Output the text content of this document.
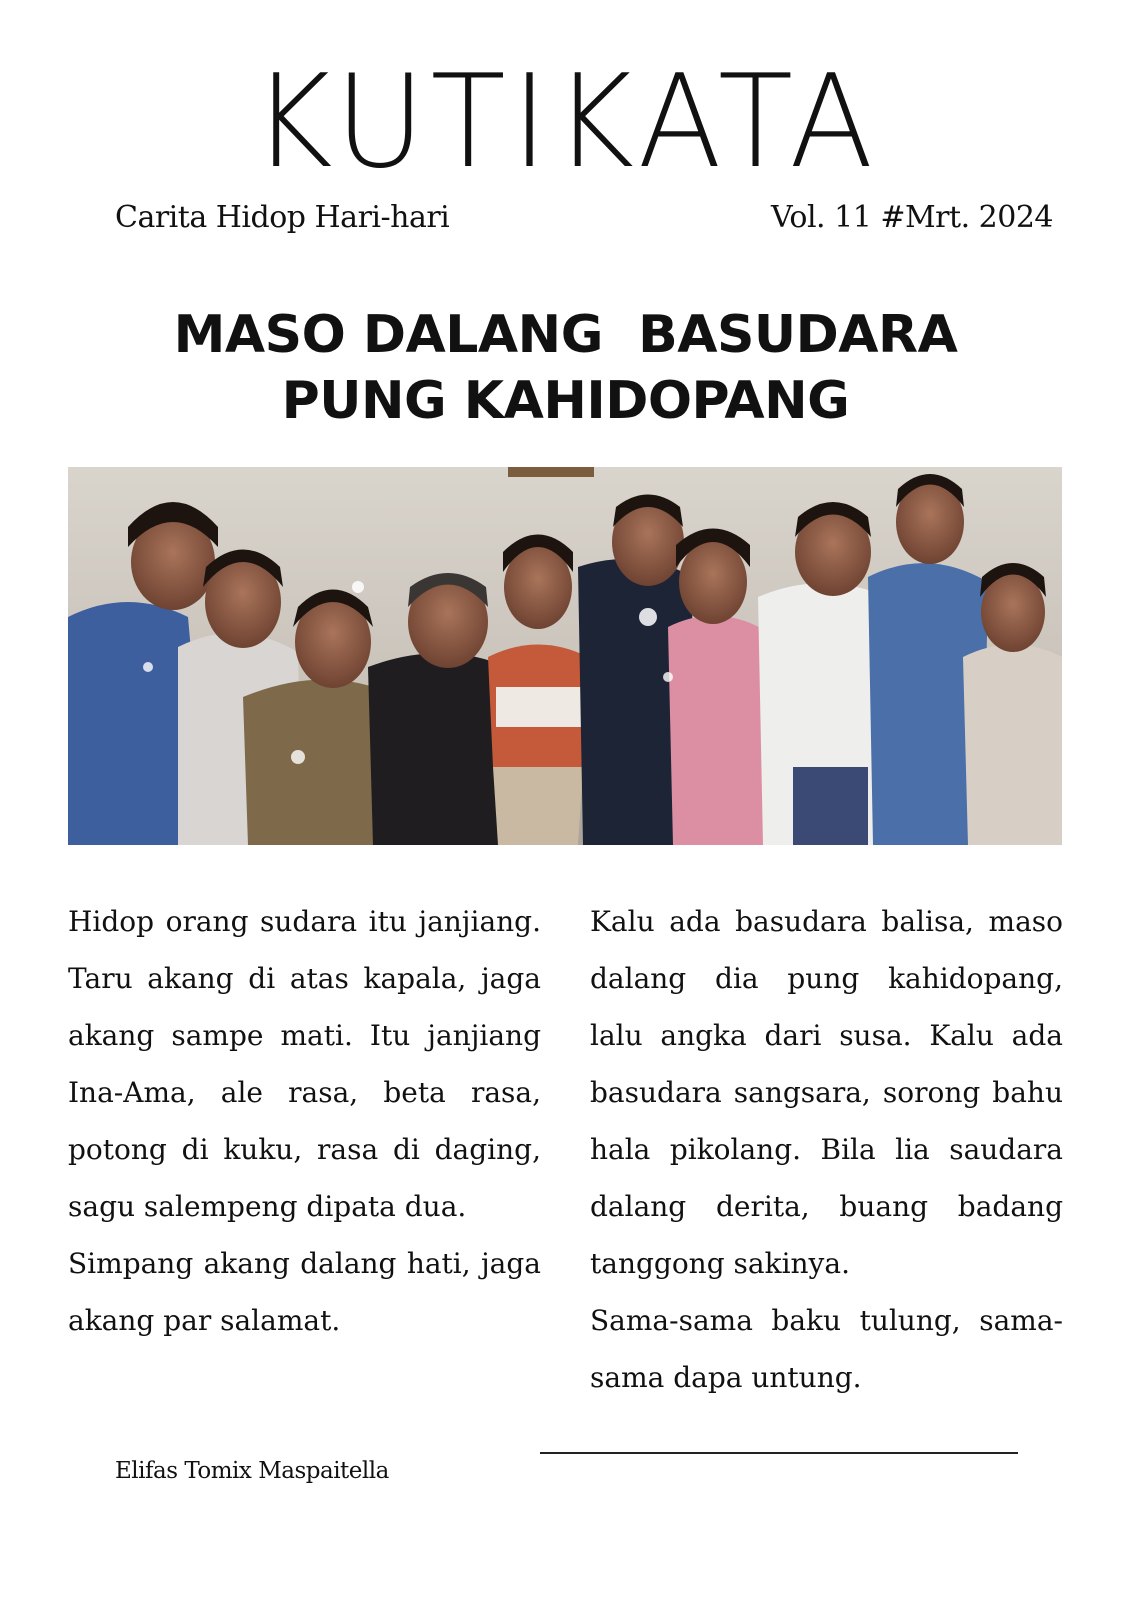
KUTIKATA
Carita Hidop Hari-hari	Vol. 11 #Mrt. 2024
MASO DALANG  BASUDARA
PUNG KAHIDOPANG

Hidop orang sudara itu janjiang. Taru akang di atas kapala, jaga akang sampe mati. Itu janjiang Ina-Ama, ale rasa, beta rasa, potong di kuku, rasa di daging, sagu salempeng dipata dua.

Simpang akang dalang hati, jaga akang par salamat.

Kalu ada basudara balisa, maso dalang dia pung kahidopang, lalu angka dari susa. Kalu ada basudara sangsara, sorong bahu hala pikolang. Bila lia saudara dalang derita, buang badang tanggong sakinya.

Sama-sama baku tulung, sama-sama dapa untung.

Elifas Tomix Maspaitella
